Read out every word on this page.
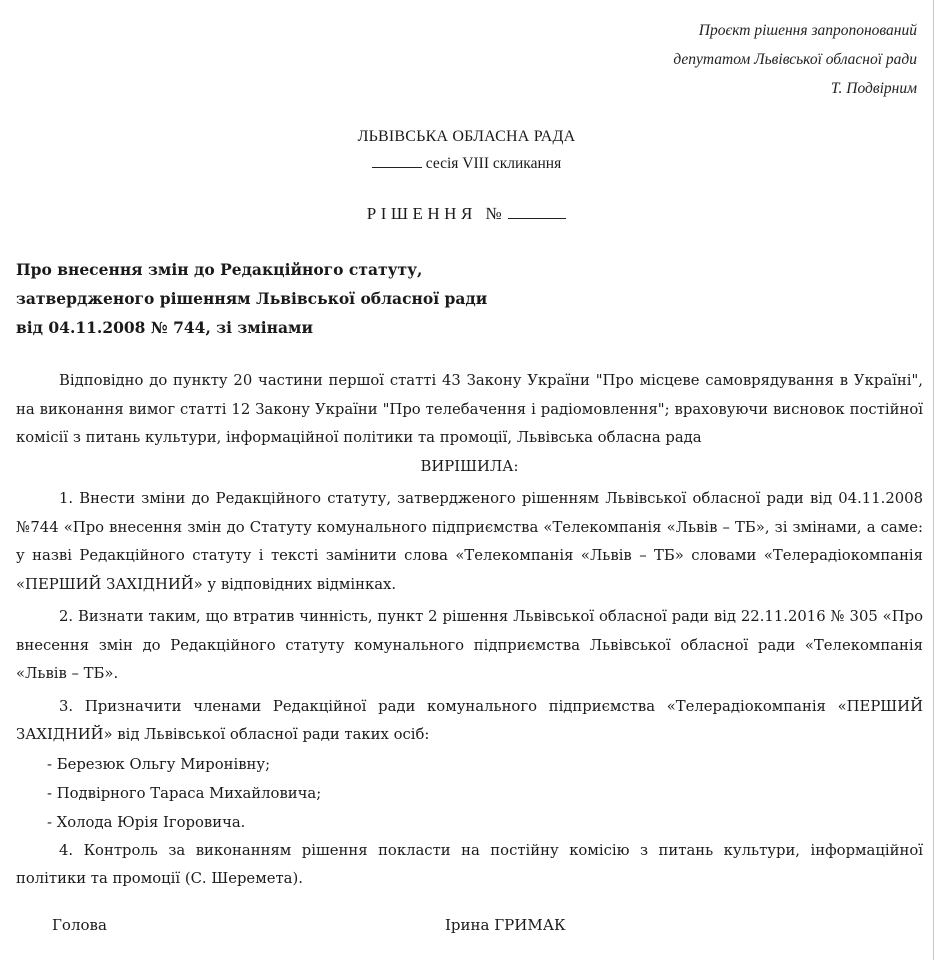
Проєкт рішення запропонований
депутатом Львівської обласної ради
Т. Подвірним
ЛЬВІВСЬКА ОБЛАСНА РАДА
сесія VIII скликання
РІШЕННЯ №
Про внесення змін до Редакційного статуту,
затвердженого рішенням Львівської обласної ради
від 04.11.2008 № 744, зі змінами

Відповідно до пункту 20 частини першої статті 43 Закону України "Про місцеве самоврядування в Україні", на виконання вимог статті 12 Закону України "Про телебачення і радіомовлення"; враховуючи висновок постійної комісії з питань культури, інформаційної політики та промоції, Львівська обласна рада

ВИРІШИЛА:

1. Внести зміни до Редакційного статуту, затвердженого рішенням Львівської обласної ради від 04.11.2008 №744 «Про внесення змін до Статуту комунального підприємства «Телекомпанія «Львів – ТБ», зі змінами, а саме: у назві Редакційного статуту і тексті замінити слова «Телекомпанія «Львів – ТБ» словами «Телерадіокомпанія «ПЕРШИЙ ЗАХІДНИЙ» у відповідних відмінках.

2. Визнати таким, що втратив чинність, пункт 2 рішення Львівської обласної ради від 22.11.2016 № 305 «Про внесення змін до Редакційного статуту комунального підприємства Львівської обласної ради «Телекомпанія «Львів – ТБ».

3. Призначити членами Редакційної ради комунального підприємства «Телерадіокомпанія «ПЕРШИЙ ЗАХІДНИЙ» від Львівської обласної ради таких осіб:

- Березюк Ольгу Миронівну;
- Подвірного Тараса Михайловича;
- Холода Юрія Ігоровича.

4. Контроль за виконанням рішення покласти на постійну комісію з питань культури, інформаційної політики та промоції (С. Шеремета).

Голова	Ірина ГРИМАК
